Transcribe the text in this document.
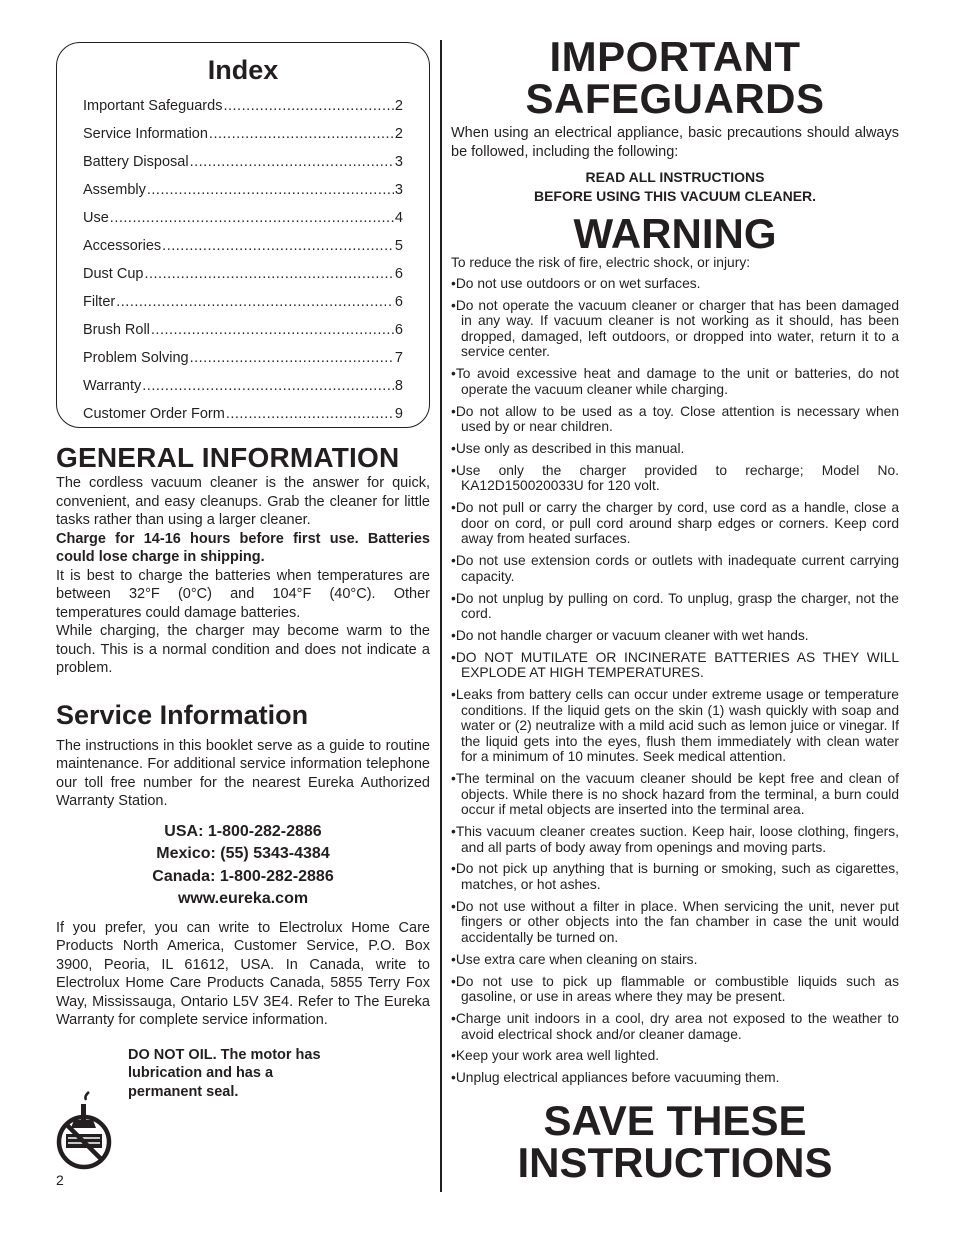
Index
Important Safeguards .....	2
Service Information .....	2
Battery Disposal .....	3
Assembly .....	3
Use .....	4
Accessories .....	5
Dust Cup .....	6
Filter .....	6
Brush Roll .....	6
Problem Solving .....	7
Warranty .....	8
Customer Order Form .....	9
GENERAL INFORMATION

The cordless vacuum cleaner is the answer for quick, convenient, and easy cleanups. Grab the cleaner for little tasks rather than using a larger cleaner.

Charge for 14-16 hours before first use. Batteries could lose charge in shipping.

It is best to charge the batteries when temperatures are between 32°F (0°C) and 104°F (40°C). Other temperatures could damage batteries.

While charging, the charger may become warm to the touch. This is a normal condition and does not indicate a problem.

Service Information

The instructions in this booklet serve as a guide to routine maintenance. For additional service information telephone our toll free number for the nearest Eureka Authorized Warranty Station.

USA: 1-800-282-2886
Mexico: (55) 5343-4384
Canada: 1-800-282-2886
www.eureka.com

If you prefer, you can write to Electrolux Home Care Products North America, Customer Service, P.O. Box 3900, Peoria, IL 61612, USA. In Canada, write to Electrolux Home Care Products Canada, 5855 Terry Fox Way, Mississauga, Ontario L5V 3E4. Refer to The Eureka Warranty for complete service information.

DO NOT OIL. The motor has
lubrication and has a
permanent seal.
2
IMPORTANT
SAFEGUARDS

When using an electrical appliance, basic precautions should always be followed, including the following:

READ ALL INSTRUCTIONS
BEFORE USING THIS VACUUM CLEANER.
WARNING

To reduce the risk of fire, electric shock, or injury:

• Do not use outdoors or on wet surfaces.
• Do not operate the vacuum cleaner or charger that has been damaged in any way. If vacuum cleaner is not working as it should, has been dropped, damaged, left outdoors, or dropped into water, return it to a service center.
• To avoid excessive heat and damage to the unit or batteries, do not operate the vacuum cleaner while charging.
• Do not allow to be used as a toy. Close attention is necessary when used by or near children.
• Use only as described in this manual.
• Use only the charger provided to recharge; Model No. KA12D150020033U for 120 volt.
• Do not pull or carry the charger by cord, use cord as a handle, close a door on cord, or pull cord around sharp edges or corners. Keep cord away from heated surfaces.
• Do not use extension cords or outlets with inadequate current carrying capacity.
• Do not unplug by pulling on cord. To unplug, grasp the charger, not the cord.
• Do not handle charger or vacuum cleaner with wet hands.
• DO NOT MUTILATE OR INCINERATE BATTERIES AS THEY WILL EXPLODE AT HIGH TEMPERATURES.
• Leaks from battery cells can occur under extreme usage or temperature conditions. If the liquid gets on the skin (1) wash quickly with soap and water or (2) neutralize with a mild acid such as lemon juice or vinegar. If the liquid gets into the eyes, flush them immediately with clean water for a minimum of 10 minutes. Seek medical attention.
• The terminal on the vacuum cleaner should be kept free and clean of objects. While there is no shock hazard from the terminal, a burn could occur if metal objects are inserted into the terminal area.
• This vacuum cleaner creates suction. Keep hair, loose clothing, fingers, and all parts of body away from openings and moving parts.
• Do not pick up anything that is burning or smoking, such as cigarettes, matches, or hot ashes.
• Do not use without a filter in place. When servicing the unit, never put fingers or other objects into the fan chamber in case the unit would accidentally be turned on.
• Use extra care when cleaning on stairs.
• Do not use to pick up flammable or combustible liquids such as gasoline, or use in areas where they may be present.
• Charge unit indoors in a cool, dry area not exposed to the weather to avoid electrical shock and/or cleaner damage.
• Keep your work area well lighted.
• Unplug electrical appliances before vacuuming them.
SAVE THESE
INSTRUCTIONS
